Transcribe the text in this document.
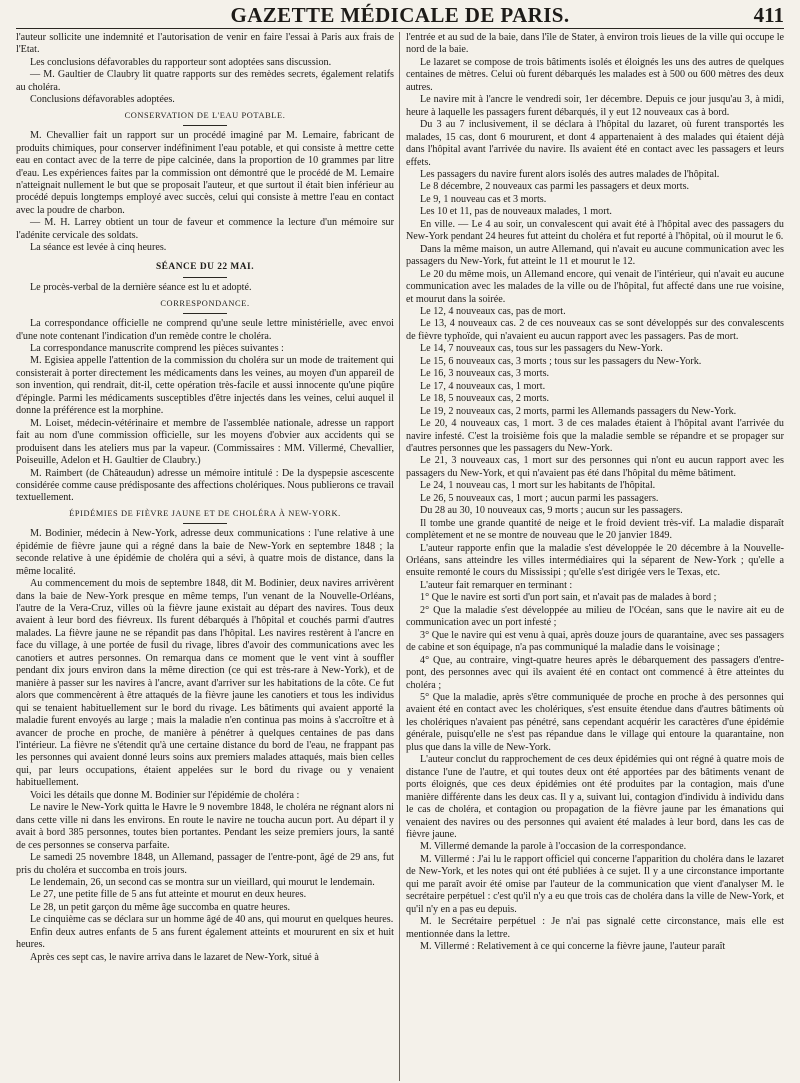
GAZETTE MÉDICALE DE PARIS.	411

l'auteur sollicite une indemnité et l'autorisation de venir en faire l'essai à Paris aux frais de l'Etat.

Les conclusions défavorables du rapporteur sont adoptées sans discussion.

— M. Gaultier de Claubry lit quatre rapports sur des remèdes secrets, également relatifs au choléra.

Conclusions défavorables adoptées.

CONSERVATION DE L'EAU POTABLE.

M. Chevallier fait un rapport sur un procédé imaginé par M. Lemaire, fabricant de produits chimiques, pour conserver indéfiniment l'eau potable, et qui consiste à mettre cette eau en contact avec de la terre de pipe calcinée, dans la proportion de 10 grammes par litre d'eau. Les expériences faites par la commission ont démontré que le procédé de M. Lemaire n'atteignait nullement le but que se proposait l'auteur, et que surtout il était bien inférieur au procédé depuis longtemps employé avec succès, celui qui consiste à mettre l'eau en contact avec la poudre de charbon.

— M. H. Larrey obtient un tour de faveur et commence la lecture d'un mémoire sur l'adénite cervicale des soldats.

La séance est levée à cinq heures.

SÉANCE DU 22 MAI.

Le procès-verbal de la dernière séance est lu et adopté.

CORRESPONDANCE.

La correspondance officielle ne comprend qu'une seule lettre ministérielle, avec envoi d'une note contenant l'indication d'un remède contre le choléra.

La correspondance manuscrite comprend les pièces suivantes :

M. Egisiea appelle l'attention de la commission du choléra sur un mode de traitement qui consisterait à porter directement les médicaments dans les veines, au moyen d'un appareil de son invention, qui rendrait, dit-il, cette opération très-facile et aussi innocente qu'une piqûre d'épingle. Parmi les médicaments susceptibles d'être injectés dans les veines, celui auquel il donne la préférence est la morphine.

M. Loiset, médecin-vétérinaire et membre de l'assemblée nationale, adresse un rapport fait au nom d'une commission officielle, sur les moyens d'obvier aux accidents qui se produisent dans les ateliers mus par la vapeur. (Commissaires : MM. Villermé, Chevallier, Poiseuille, Adelon et H. Gaultier de Claubry.)

M. Raimbert (de Châteaudun) adresse un mémoire intitulé : De la dyspepsie ascescente considérée comme cause prédisposante des affections cholériques. Nous publierons ce travail textuellement.

ÉPIDÉMIES DE FIÈVRE JAUNE ET DE CHOLÉRA À NEW-YORK.

M. Bodinier, médecin à New-York, adresse deux communications : l'une relative à une épidémie de fièvre jaune qui a régné dans la baie de New-York en septembre 1848 ; la seconde relative à une épidémie de choléra qui a sévi, à quatre mois de distance, dans la même localité.

Au commencement du mois de septembre 1848, dit M. Bodinier, deux navires arrivèrent dans la baie de New-York presque en même temps, l'un venant de la Nouvelle-Orléans, l'autre de la Vera-Cruz, villes où la fièvre jaune existait au départ des navires. Tous deux avaient à leur bord des fiévreux. Ils furent débarqués à l'hôpital et couchés parmi d'autres malades. La fièvre jaune ne se répandit pas dans l'hôpital. Les navires restèrent à l'ancre en face du village, à une portée de fusil du rivage, libres d'avoir des communications avec les canotiers et autres personnes. On remarqua dans ce moment que le vent vint à souffler pendant dix jours environ dans la même direction (ce qui est très-rare à New-York), et de manière à passer sur les navires à l'ancre, avant d'arriver sur les habitations de la côte. Ce fut alors que commencèrent à être attaqués de la fièvre jaune les canotiers et tous les individus qui se tenaient habituellement sur le bord du rivage. Les bâtiments qui avaient apporté la maladie furent envoyés au large ; mais la maladie n'en continua pas moins à s'accroître et à avancer de proche en proche, de manière à pénétrer à quelques centaines de pas dans l'intérieur. La fièvre ne s'étendit qu'à une certaine distance du bord de l'eau, ne frappant pas les personnes qui avaient donné leurs soins aux premiers malades attaqués, mais bien celles qui, par leurs occupations, étaient appelées sur le bord du rivage ou y venaient habituellement.

Voici les détails que donne M. Bodinier sur l'épidémie de choléra :

Le navire le New-York quitta le Havre le 9 novembre 1848, le choléra ne régnant alors ni dans cette ville ni dans les environs. En route le navire ne toucha aucun port. Au départ il y avait à bord 385 personnes, toutes bien portantes. Pendant les seize premiers jours, la santé de ces personnes se conserva parfaite.

Le samedi 25 novembre 1848, un Allemand, passager de l'entre-pont, âgé de 29 ans, fut pris du choléra et succomba en trois jours.

Le lendemain, 26, un second cas se montra sur un vieillard, qui mourut le lendemain.

Le 27, une petite fille de 5 ans fut atteinte et mourut en deux heures.

Le 28, un petit garçon du même âge succomba en quatre heures.

Le cinquième cas se déclara sur un homme âgé de 40 ans, qui mourut en quelques heures.

Enfin deux autres enfants de 5 ans furent également atteints et moururent en six et huit heures.

Après ces sept cas, le navire arriva dans le lazaret de New-York, situé à

l'entrée et au sud de la baie, dans l'île de Stater, à environ trois lieues de la ville qui occupe le nord de la baie.

Le lazaret se compose de trois bâtiments isolés et éloignés les uns des autres de quelques centaines de mètres. Celui où furent débarqués les malades est à 500 ou 600 mètres des deux autres.

Le navire mit à l'ancre le vendredi soir, 1er décembre. Depuis ce jour jusqu'au 3, à midi, heure à laquelle les passagers furent débarqués, il y eut 12 nouveaux cas à bord.

Du 3 au 7 inclusivement, il se déclara à l'hôpital du lazaret, où furent transportés les malades, 15 cas, dont 6 moururent, et dont 4 appartenaient à des malades qui étaient déjà dans l'hôpital avant l'arrivée du navire. Ils avaient été en contact avec les passagers et leurs effets.

Les passagers du navire furent alors isolés des autres malades de l'hôpital.

Le 8 décembre, 2 nouveaux cas parmi les passagers et deux morts.

Le 9, 1 nouveau cas et 3 morts.

Les 10 et 11, pas de nouveaux malades, 1 mort.

En ville. — Le 4 au soir, un convalescent qui avait été à l'hôpital avec des passagers du New-York pendant 24 heures fut atteint du choléra et fut reporté à l'hôpital, où il mourut le 6.

Dans la même maison, un autre Allemand, qui n'avait eu aucune communication avec les passagers du New-York, fut atteint le 11 et mourut le 12.

Le 20 du même mois, un Allemand encore, qui venait de l'intérieur, qui n'avait eu aucune communication avec les malades de la ville ou de l'hôpital, fut affecté dans une rue voisine, et mourut dans la soirée.

Le 12, 4 nouveaux cas, pas de mort.

Le 13, 4 nouveaux cas. 2 de ces nouveaux cas se sont développés sur des convalescents de fièvre typhoïde, qui n'avaient eu aucun rapport avec les passagers. Pas de mort.

Le 14, 7 nouveaux cas, tous sur les passagers du New-York.

Le 15, 6 nouveaux cas, 3 morts ; tous sur les passagers du New-York.

Le 16, 3 nouveaux cas, 3 morts.

Le 17, 4 nouveaux cas, 1 mort.

Le 18, 5 nouveaux cas, 2 morts.

Le 19, 2 nouveaux cas, 2 morts, parmi les Allemands passagers du New-York.

Le 20, 4 nouveaux cas, 1 mort. 3 de ces malades étaient à l'hôpital avant l'arrivée du navire infesté. C'est la troisième fois que la maladie semble se répandre et se propager sur d'autres personnes que les passagers du New-York.

Le 21, 3 nouveaux cas, 1 mort sur des personnes qui n'ont eu aucun rapport avec les passagers du New-York, et qui n'avaient pas été dans l'hôpital du même bâtiment.

Le 24, 1 nouveau cas, 1 mort sur les habitants de l'hôpital.

Le 26, 5 nouveaux cas, 1 mort ; aucun parmi les passagers.

Du 28 au 30, 10 nouveaux cas, 9 morts ; aucun sur les passagers.

Il tombe une grande quantité de neige et le froid devient très-vif. La maladie disparaît complètement et ne se montre de nouveau que le 20 janvier 1849.

L'auteur rapporte enfin que la maladie s'est développée le 20 décembre à la Nouvelle-Orléans, sans atteindre les villes intermédiaires qui la séparent de New-York ; qu'elle a ensuite remonté le cours du Mississipi ; qu'elle s'est dirigée vers le Texas, etc.

L'auteur fait remarquer en terminant :

1° Que le navire est sorti d'un port sain, et n'avait pas de malades à bord ;

2° Que la maladie s'est développée au milieu de l'Océan, sans que le navire ait eu de communication avec un port infesté ;

3° Que le navire qui est venu à quai, après douze jours de quarantaine, avec ses passagers de cabine et son équipage, n'a pas communiqué la maladie dans le voisinage ;

4° Que, au contraire, vingt-quatre heures après le débarquement des passagers d'entre-pont, des personnes avec qui ils avaient été en contact ont commencé à être atteintes du choléra ;

5° Que la maladie, après s'être communiquée de proche en proche à des personnes qui avaient été en contact avec les cholériques, s'est ensuite étendue dans d'autres bâtiments où les cholériques n'avaient pas pénétré, sans cependant acquérir les caractères d'une épidémie générale, puisqu'elle ne s'est pas répandue dans le village qui entoure la quarantaine, non plus que dans la ville de New-York.

L'auteur conclut du rapprochement de ces deux épidémies qui ont régné à quatre mois de distance l'une de l'autre, et qui toutes deux ont été apportées par des bâtiments venant de ports éloignés, que ces deux épidémies ont été produites par la contagion, mais d'une manière différente dans les deux cas. Il y a, suivant lui, contagion d'individu à individu dans le cas de choléra, et contagion ou propagation de la fièvre jaune par les émanations qui venaient des navires ou des personnes qui avaient été malades à leur bord, dans les cas de fièvre jaune.

M. Villermé demande la parole à l'occasion de la correspondance.

M. Villermé : J'ai lu le rapport officiel qui concerne l'apparition du choléra dans le lazaret de New-York, et les notes qui ont été publiées à ce sujet. Il y a une circonstance importante qui me paraît avoir été omise par l'auteur de la communication que vient d'analyser M. le secrétaire perpétuel : c'est qu'il n'y a eu que trois cas de choléra dans la ville de New-York, et qu'il n'y en a pas eu depuis.

M. le Secrétaire perpétuel : Je n'ai pas signalé cette circonstance, mais elle est mentionnée dans la lettre.

M. Villermé : Relativement à ce qui concerne la fièvre jaune, l'auteur paraît
